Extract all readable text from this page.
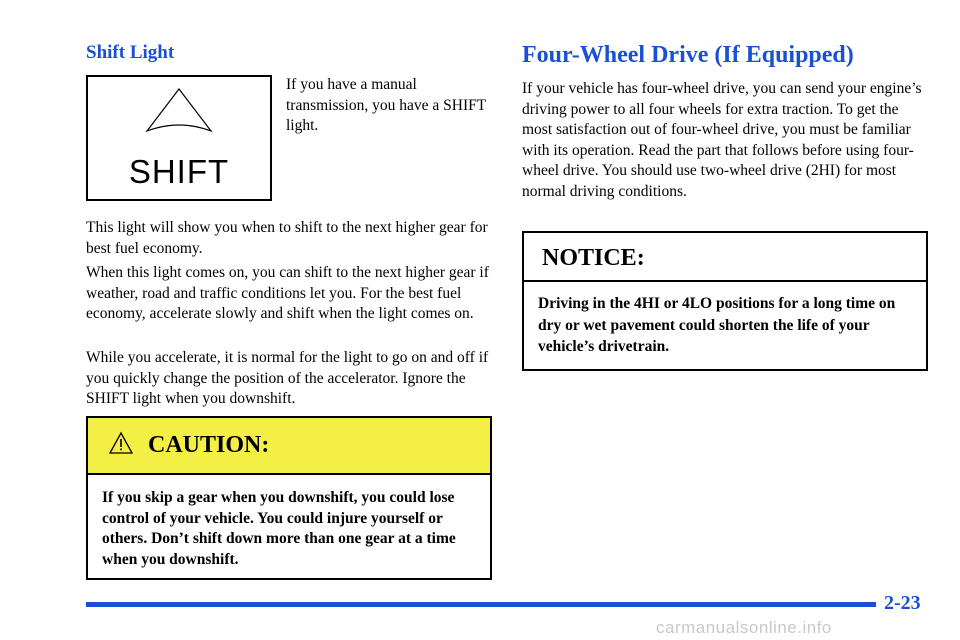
Shift Light
SHIFT

If you have a manual transmission, you have a SHIFT light.

This light will show you when to shift to the next higher gear for best fuel economy.

When this light comes on, you can shift to the next higher gear if weather, road and traffic conditions let you. For the best fuel economy, accelerate slowly and shift when the light comes on.

While you accelerate, it is normal for the light to go on and off if you quickly change the position of the accelerator. Ignore the SHIFT light when you downshift.

CAUTION:
If you skip a gear when you downshift, you could lose control of your vehicle. You could injure yourself or others. Don’t shift down more than one gear at a time when you downshift.
Four-Wheel Drive (If Equipped)

If your vehicle has four-wheel drive, you can send your engine’s driving power to all four wheels for extra traction. To get the most satisfaction out of four-wheel drive, you must be familiar with its operation. Read the part that follows before using four-wheel drive. You should use two-wheel drive (2HI) for most normal driving conditions.

NOTICE:
Driving in the 4HI or 4LO positions for a long time on dry or wet pavement could shorten the life of your vehicle’s drivetrain.
2-23
carmanualsonline.info
